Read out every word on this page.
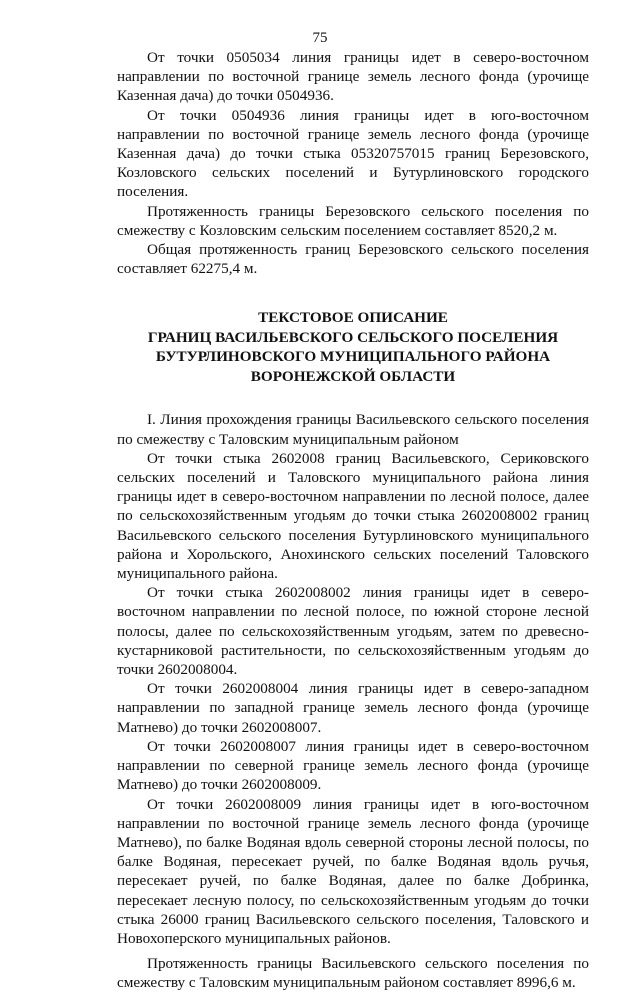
75

От точки 0505034 линия границы идет в северо-восточном направлении по восточной границе земель лесного фонда (урочище Казенная дача) до точки 0504936.

От точки 0504936 линия границы идет в юго-восточном направлении по восточной границе земель лесного фонда (урочище Казенная дача) до точки стыка 05320757015 границ Березовского, Козловского сельских поселений и Бутурлиновского городского поселения.

Протяженность границы Березовского сельского поселения по смежеству с Козловским сельским поселением составляет 8520,2 м.

Общая протяженность границ Березовского сельского поселения составляет 62275,4 м.

ТЕКСТОВОЕ ОПИСАНИЕ
ГРАНИЦ ВАСИЛЬЕВСКОГО СЕЛЬСКОГО ПОСЕЛЕНИЯ
БУТУРЛИНОВСКОГО МУНИЦИПАЛЬНОГО РАЙОНА
ВОРОНЕЖСКОЙ ОБЛАСТИ

I. Линия прохождения границы Васильевского сельского поселения по смежеству с Таловским муниципальным районом

От точки стыка 2602008 границ Васильевского, Сериковского сельских поселений и Таловского муниципального района линия границы идет в северо-восточном направлении по лесной полосе, далее по сельскохозяйственным угодьям до точки стыка 2602008002 границ Васильевского сельского поселения Бутурлиновского муниципального района и Хорольского, Анохинского сельских поселений Таловского муниципального района.

От точки стыка 2602008002 линия границы идет в северо-восточном направлении по лесной полосе, по южной стороне лесной полосы, далее по сельскохозяйственным угодьям, затем по древесно-кустарниковой растительности, по сельскохозяйственным угодьям до точки 2602008004.

От точки 2602008004 линия границы идет в северо-западном направлении по западной границе земель лесного фонда (урочище Матнево) до точки 2602008007.

От точки 2602008007 линия границы идет в северо-восточном направлении по северной границе земель лесного фонда (урочище Матнево) до точки 2602008009.

От точки 2602008009 линия границы идет в юго-восточном направлении по восточной границе земель лесного фонда (урочище Матнево), по балке Водяная вдоль северной стороны лесной полосы, по балке Водяная, пересекает ручей, по балке Водяная вдоль ручья, пересекает ручей, по балке Водяная, далее по балке Добринка, пересекает лесную полосу, по сельскохозяйственным угодьям до точки стыка 26000 границ Васильевского сельского поселения, Таловского и Новохоперского муниципальных районов.

Протяженность границы Васильевского сельского поселения по смежеству с Таловским муниципальным районом составляет 8996,6 м.
